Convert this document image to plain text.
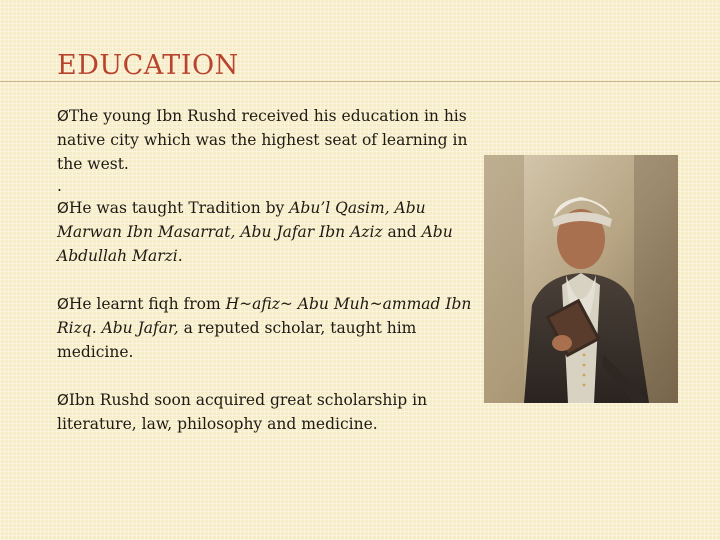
EDUCATION
ØThe young Ibn Rushd received his education in his native city which was the highest seat of learning in the west.
.
ØHe was taught Tradition by Abu’l Qasim, Abu Marwan Ibn Masarrat, Abu Jafar Ibn Aziz and Abu Abdullah Marzi.
ØHe learnt fiqh from H~afiz~ Abu Muh~ammad Ibn Rizq. Abu Jafar, a reputed scholar, taught him medicine.
ØIbn Rushd soon acquired great scholarship in literature, law, philosophy and medicine.
